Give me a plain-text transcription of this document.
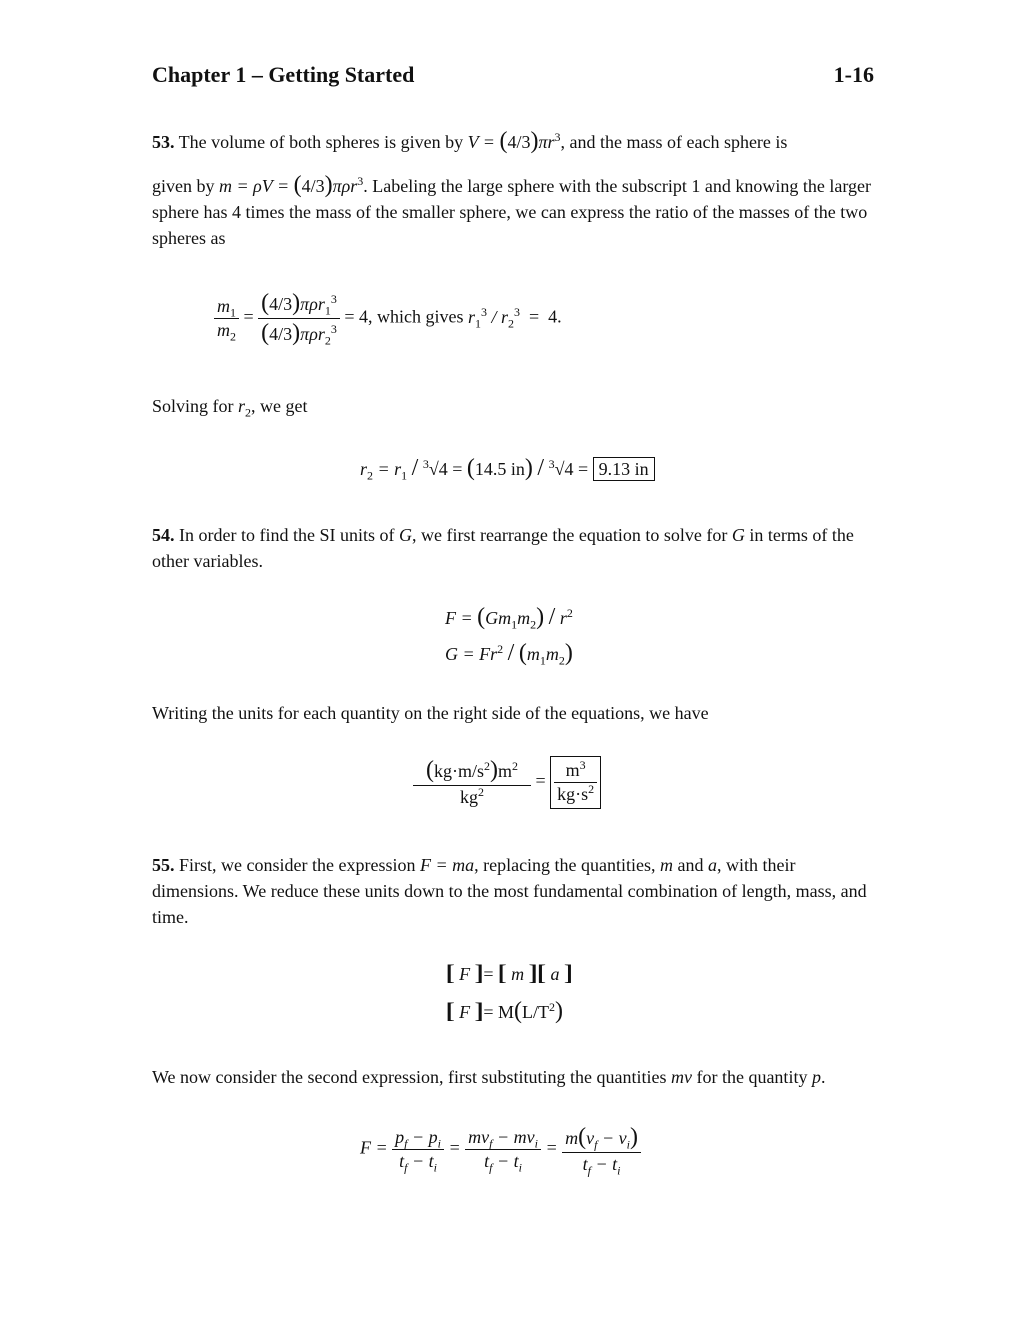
Chapter 1 – Getting Started	1-16
53. The volume of both spheres is given by $V = (4/3)\pi r^3$, and the mass of each sphere is
given by m = ρV = (4/3)πρr$^3$. Labeling the large sphere with the subscript 1 and knowing the larger sphere has 4 times the mass of the smaller sphere, we can express the ratio of the masses of the two spheres as
$\frac{m_1}{m_2} = \frac{(4/3)\pi\rho r_1^3}{(4/3)\pi\rho r_2^3} = 4$, which gives $r_1^3 / r_2^3 = 4$.
Solving for $r_2$, we get
$r_2 = r_1 / ^3√4 = (14.5$ in) / $^3$√4 = 9.13 in
54. In order to find the SI units of G, we first rearrange the equation to solve for G in terms of the other variables.
$F = (Gm_1m_2) / r^2$
$G = Fr^2 / (m_1m_2)$
Writing the units for each quantity on the right side of the equations, we have
$\frac{(kg\cdot m/s^2)m^2}{kg^2} = \frac{m^3}{kg\cdot s^2}$
55. First, we consider the expression F = ma, replacing the quantities, m and a, with their dimensions. We reduce these units down to the most fundamental combination of length, mass, and time.
[[ F ]] = [[ m ]] [[ a ]]
[[ F ]] = $M(L/T^2)$
We now consider the second expression, first substituting the quantities mv for the quantity p.
$F = \frac{p_f - p_i}{t_f - t_i} = \frac{mv_f - mv_i}{t_f - t_i} = \frac{m(v_f - v_i)}{t_f - t_i}$
